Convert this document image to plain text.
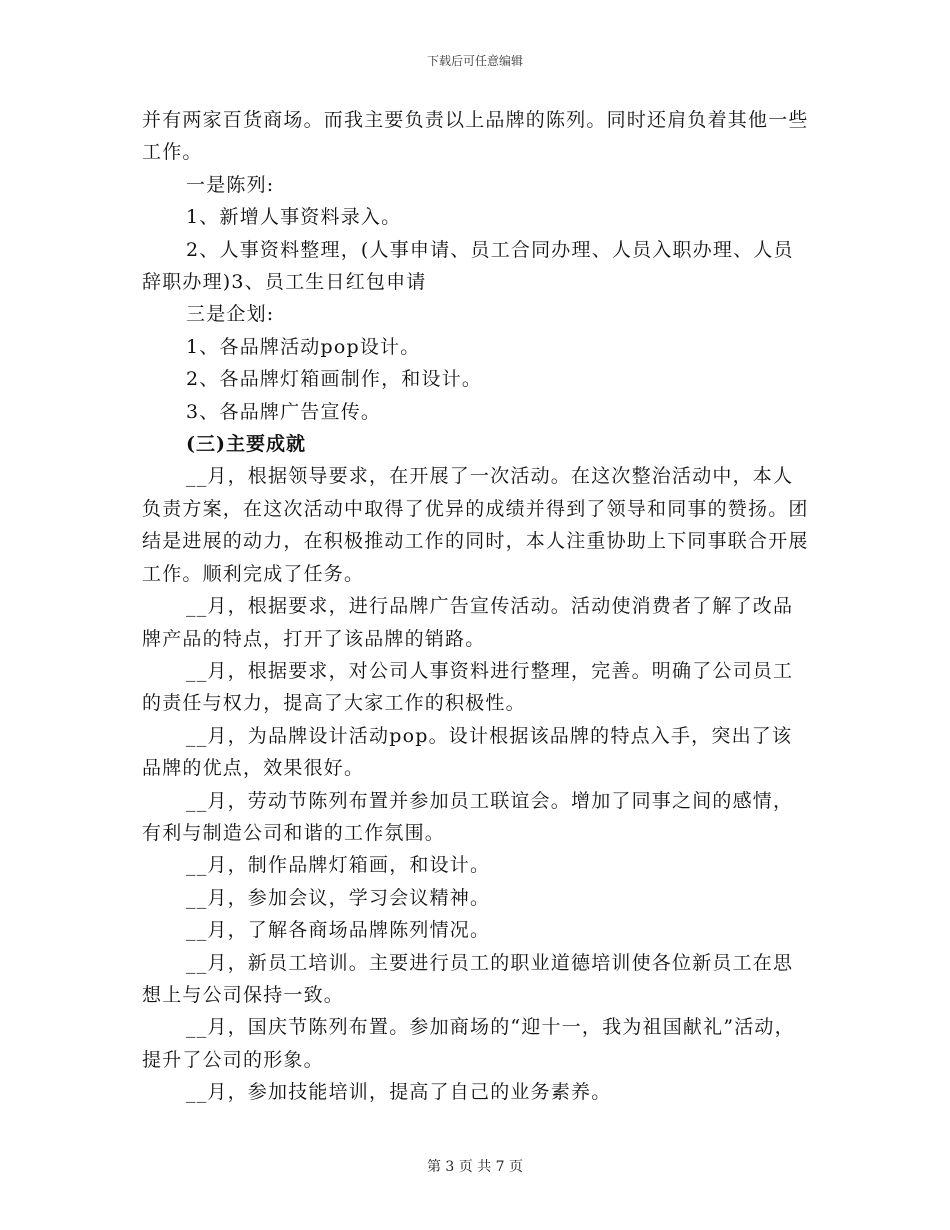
下载后可任意编辑

并有两家百货商场。而我主要负责以上品牌的陈列。同时还肩负着其他一些工作。

一是陈列:

1、新增人事资料录入。

2、人事资料整理，(人事申请、员工合同办理、人员入职办理、人员辞职办理)3、员工生日红包申请

三是企划:

1、各品牌活动pop设计。

2、各品牌灯箱画制作，和设计。

3、各品牌广告宣传。

(三)主要成就

__月，根据领导要求，在开展了一次活动。在这次整治活动中，本人负责方案，在这次活动中取得了优异的成绩并得到了领导和同事的赞扬。团结是进展的动力，在积极推动工作的同时，本人注重协助上下同事联合开展工作。顺利完成了任务。

__月，根据要求，进行品牌广告宣传活动。活动使消费者了解了改品牌产品的特点，打开了该品牌的销路。

__月，根据要求，对公司人事资料进行整理，完善。明确了公司员工的责任与权力，提高了大家工作的积极性。

__月，为品牌设计活动pop。设计根据该品牌的特点入手，突出了该品牌的优点，效果很好。

__月，劳动节陈列布置并参加员工联谊会。增加了同事之间的感情，有利与制造公司和谐的工作氛围。

__月，制作品牌灯箱画，和设计。

__月，参加会议，学习会议精神。

__月，了解各商场品牌陈列情况。

__月，新员工培训。主要进行员工的职业道德培训使各位新员工在思想上与公司保持一致。

__月，国庆节陈列布置。参加商场的“迎十一，我为祖国献礼”活动，提升了公司的形象。

__月，参加技能培训，提高了自己的业务素养。

第 3 页 共 7 页
